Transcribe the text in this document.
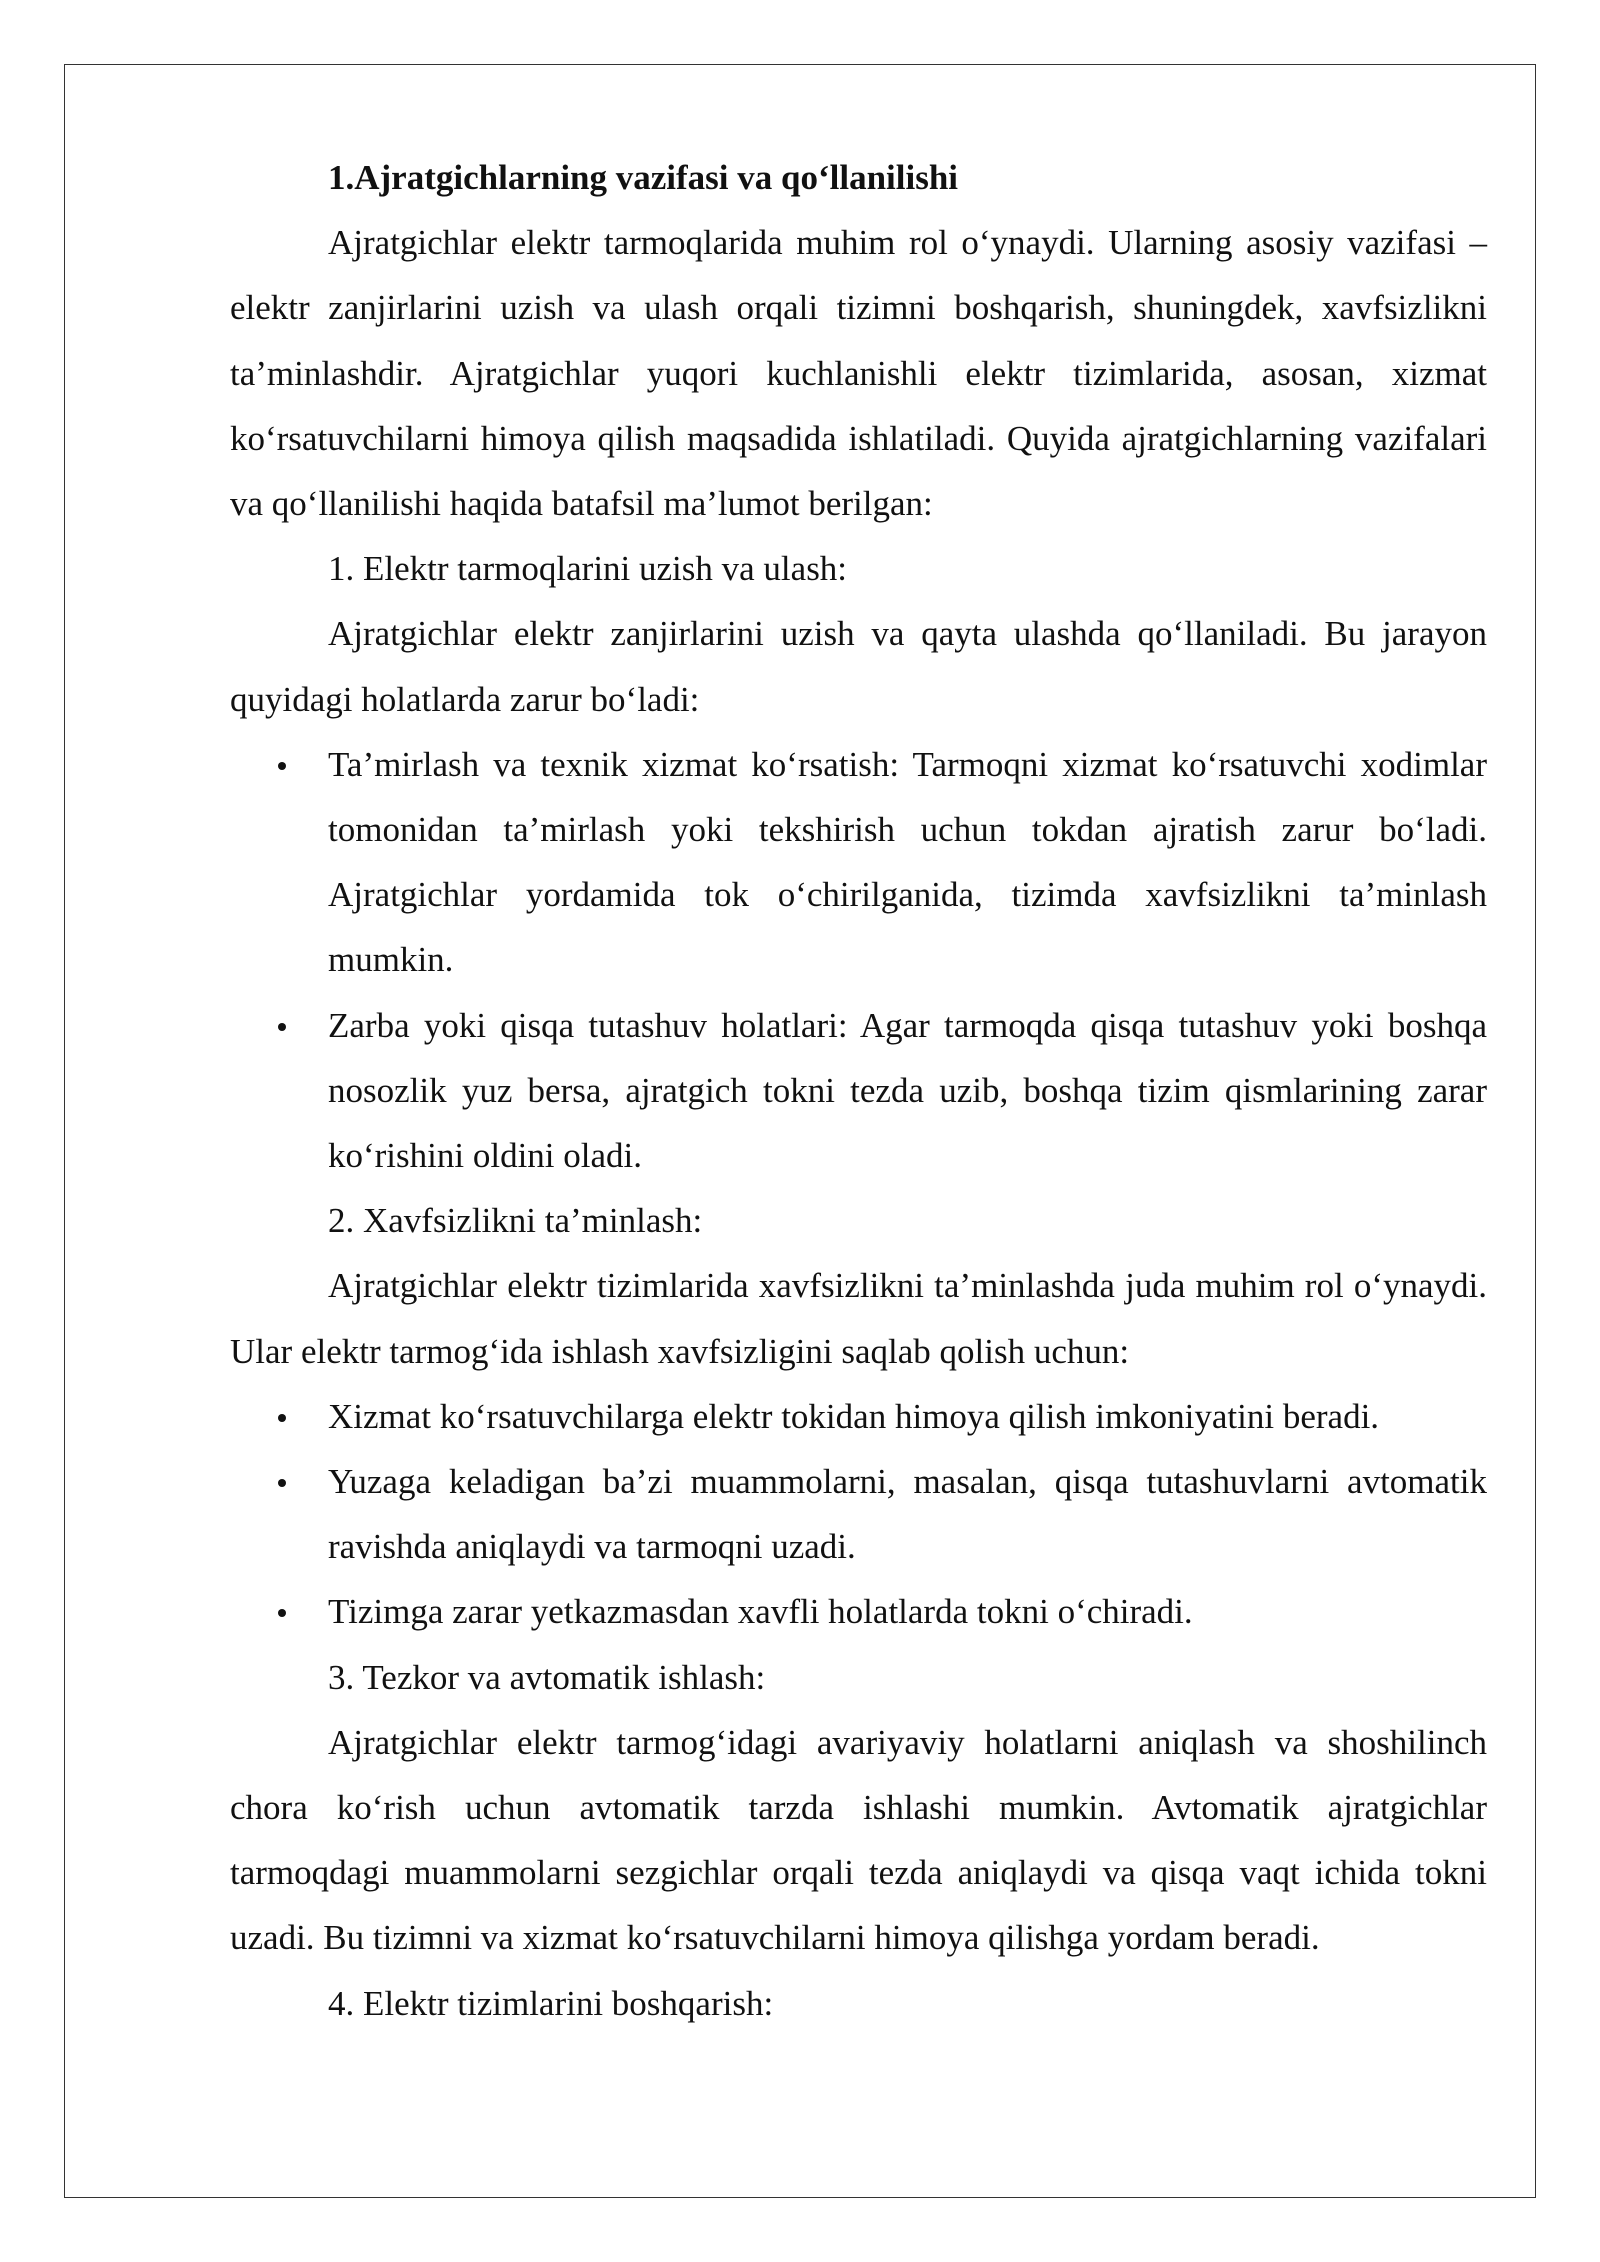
1.Ajratgichlarning vazifasi va qo‘llanilishi

Ajratgichlar elektr tarmoqlarida muhim rol o‘ynaydi. Ularning asosiy vazifasi – elektr zanjirlarini uzish va ulash orqali tizimni boshqarish, shuningdek, xavfsizlikni ta’minlashdir. Ajratgichlar yuqori kuchlanishli elektr tizimlarida, asosan, xizmat ko‘rsatuvchilarni himoya qilish maqsadida ishlatiladi. Quyida ajratgichlarning vazifalari va qo‘llanilishi haqida batafsil ma’lumot berilgan:

1. Elektr tarmoqlarini uzish va ulash:

Ajratgichlar elektr zanjirlarini uzish va qayta ulashda qo‘llaniladi. Bu jarayon quyidagi holatlarda zarur bo‘ladi:

Ta’mirlash va texnik xizmat ko‘rsatish: Tarmoqni xizmat ko‘rsatuvchi xodimlar tomonidan ta’mirlash yoki tekshirish uchun tokdan ajratish zarur bo‘ladi. Ajratgichlar yordamida tok o‘chirilganida, tizimda xavfsizlikni ta’minlash mumkin.
Zarba yoki qisqa tutashuv holatlari: Agar tarmoqda qisqa tutashuv yoki boshqa nosozlik yuz bersa, ajratgich tokni tezda uzib, boshqa tizim qismlarining zarar ko‘rishini oldini oladi.

2. Xavfsizlikni ta’minlash:

Ajratgichlar elektr tizimlarida xavfsizlikni ta’minlashda juda muhim rol o‘ynaydi. Ular elektr tarmog‘ida ishlash xavfsizligini saqlab qolish uchun:

Xizmat ko‘rsatuvchilarga elektr tokidan himoya qilish imkoniyatini beradi.
Yuzaga keladigan ba’zi muammolarni, masalan, qisqa tutashuvlarni avtomatik ravishda aniqlaydi va tarmoqni uzadi.
Tizimga zarar yetkazmasdan xavfli holatlarda tokni o‘chiradi.

3. Tezkor va avtomatik ishlash:

Ajratgichlar elektr tarmog‘idagi avariyaviy holatlarni aniqlash va shoshilinch chora ko‘rish uchun avtomatik tarzda ishlashi mumkin. Avtomatik ajratgichlar tarmoqdagi muammolarni sezgichlar orqali tezda aniqlaydi va qisqa vaqt ichida tokni uzadi. Bu tizimni va xizmat ko‘rsatuvchilarni himoya qilishga yordam beradi.

4. Elektr tizimlarini boshqarish:
